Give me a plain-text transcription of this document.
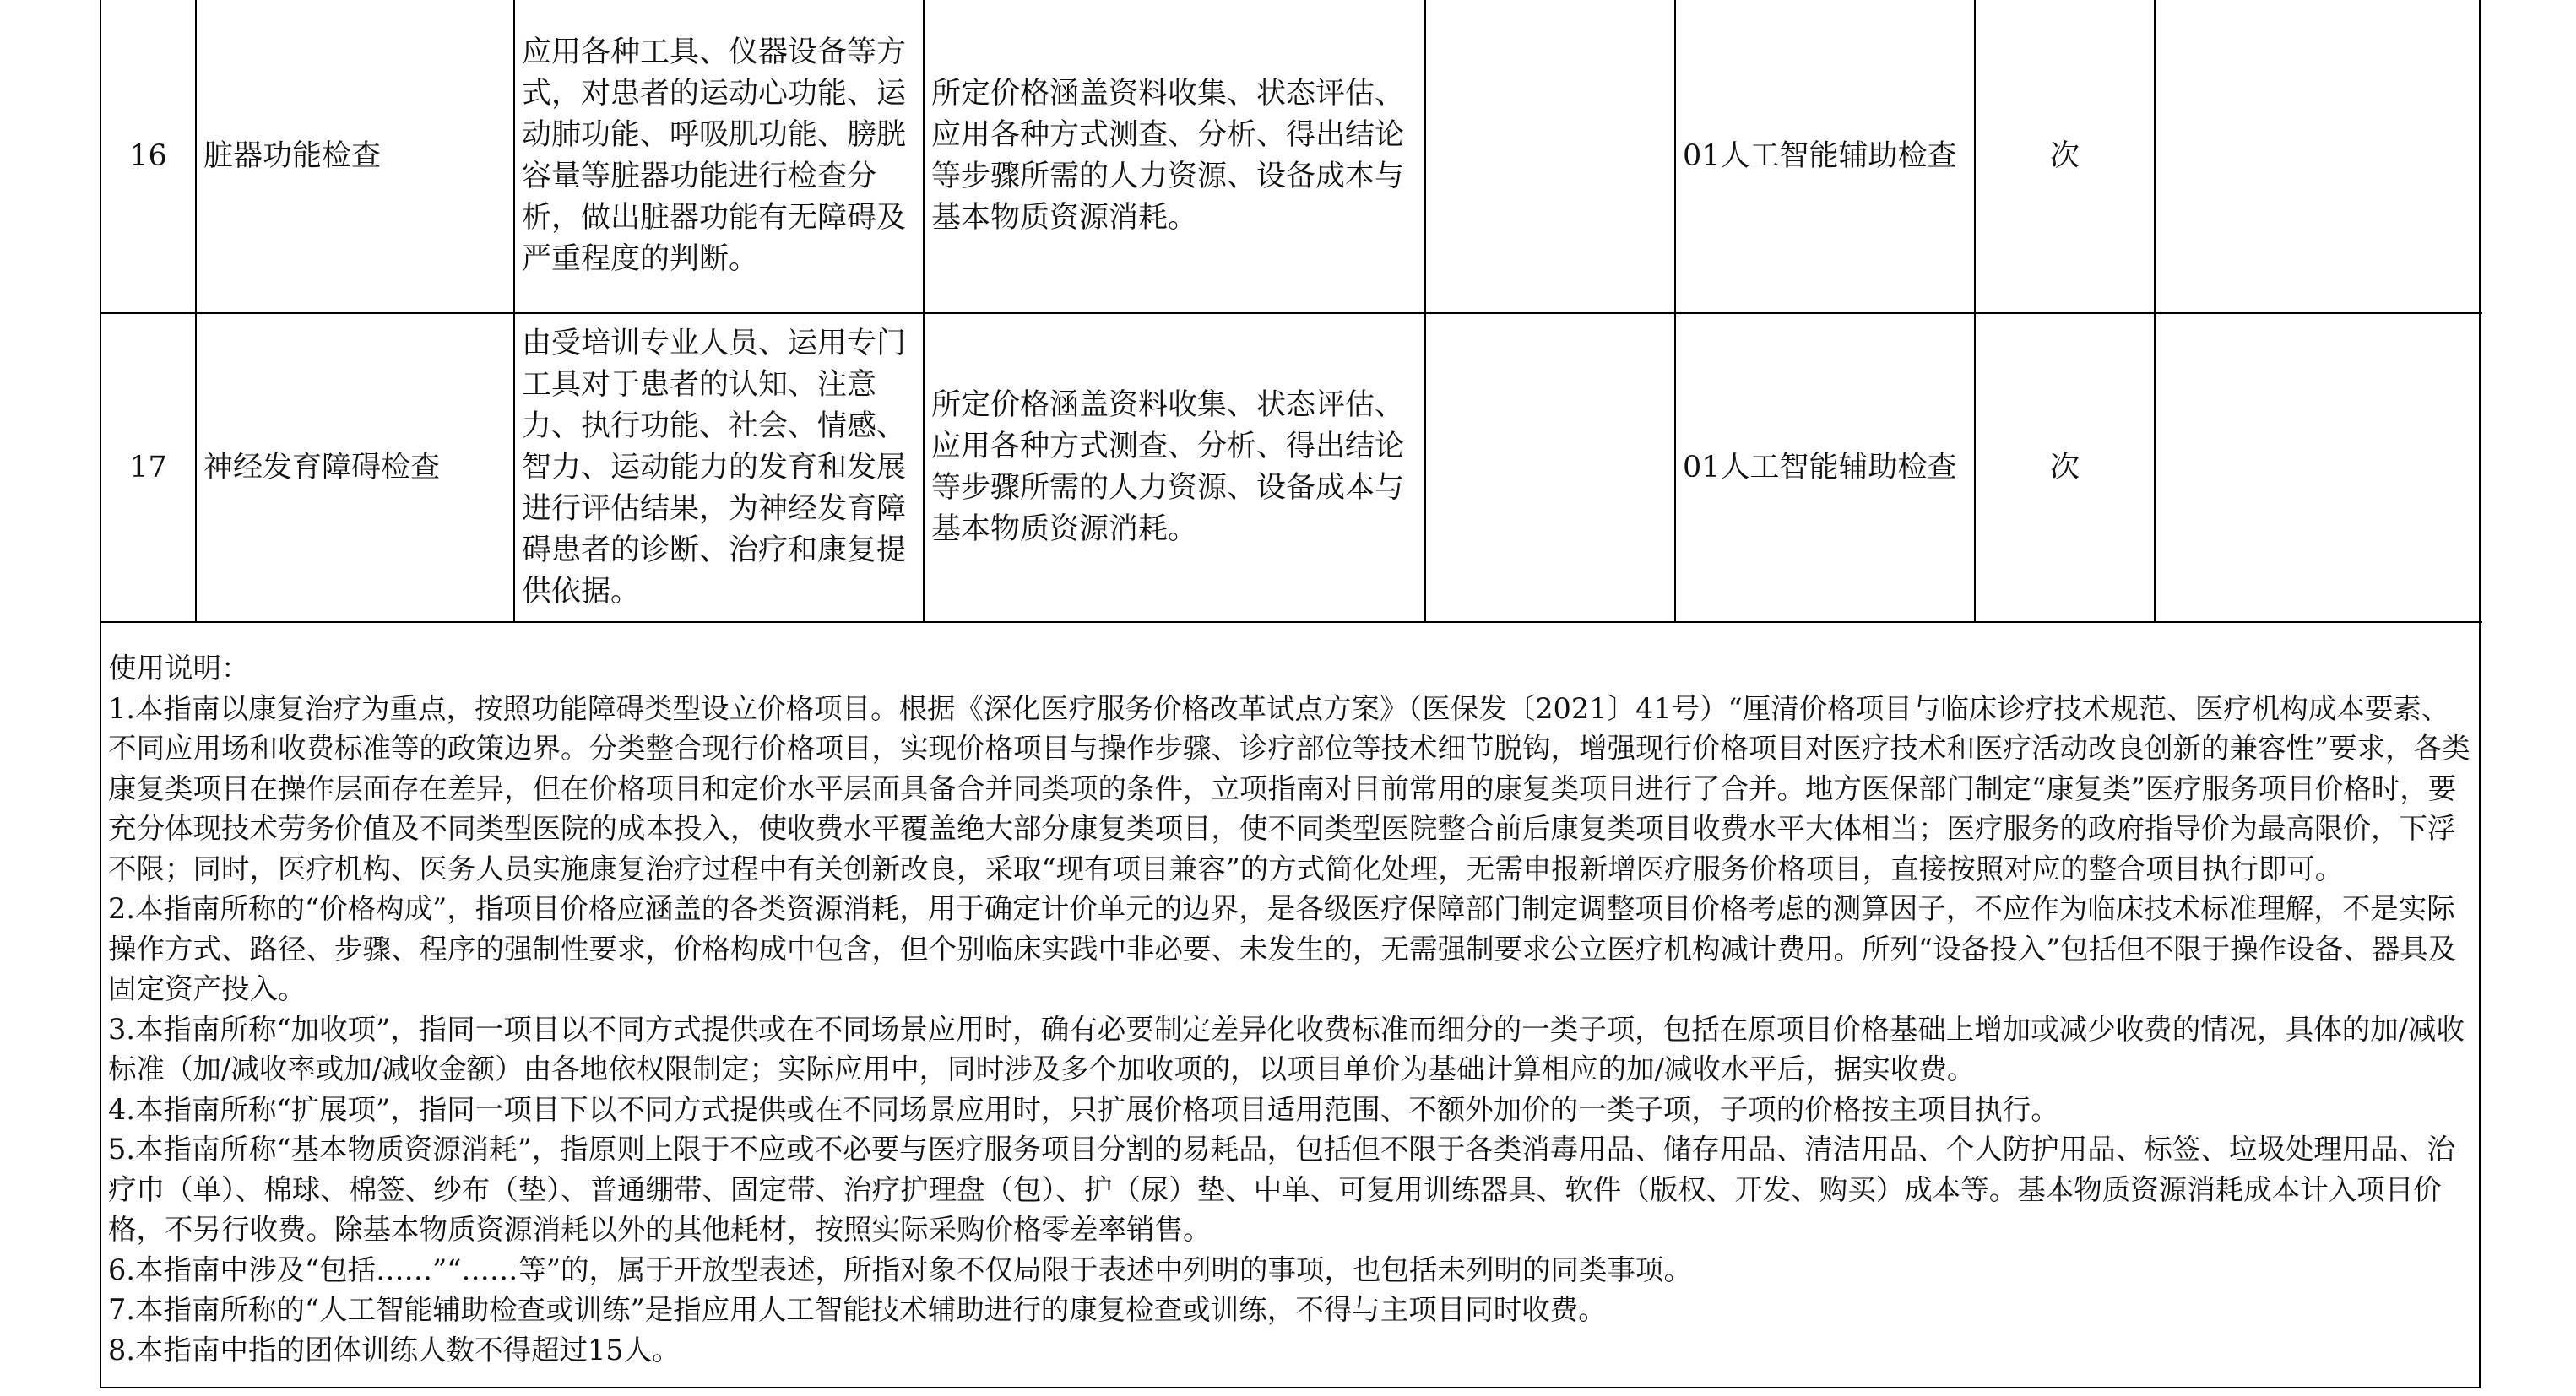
16	脏器功能检查	应用各种工具、仪器设备等方式，对患者的运动心功能、运动肺功能、呼吸肌功能、膀胱容量等脏器功能进行检查分析，做出脏器功能有无障碍及严重程度的判断。	所定价格涵盖资料收集、状态评估、应用各种方式测查、分析、得出结论等步骤所需的人力资源、设备成本与基本物质资源消耗。		01人工智能辅助检查	次	
17	神经发育障碍检查	由受培训专业人员、运用专门工具对于患者的认知、注意力、执行功能、社会、情感、智力、运动能力的发育和发展进行评估结果，为神经发育障碍患者的诊断、治疗和康复提供依据。	所定价格涵盖资料收集、状态评估、应用各种方式测查、分析、得出结论等步骤所需的人力资源、设备成本与基本物质资源消耗。		01人工智能辅助检查	次	
使用说明：
1.本指南以康复治疗为重点，按照功能障碍类型设立价格项目。根据《深化医疗服务价格改革试点方案》（医保发〔2021〕41号）“厘清价格项目与临床诊疗技术规范、医疗机构成本要素、不同应用场和收费标准等的政策边界。分类整合现行价格项目，实现价格项目与操作步骤、诊疗部位等技术细节脱钩，增强现行价格项目对医疗技术和医疗活动改良创新的兼容性”要求，各类康复类项目在操作层面存在差异，但在价格项目和定价水平层面具备合并同类项的条件，立项指南对目前常用的康复类项目进行了合并。地方医保部门制定“康复类”医疗服务项目价格时，要充分体现技术劳务价值及不同类型医院的成本投入，使收费水平覆盖绝大部分康复类项目，使不同类型医院整合前后康复类项目收费水平大体相当；医疗服务的政府指导价为最高限价，下浮不限；同时，医疗机构、医务人员实施康复治疗过程中有关创新改良，采取“现有项目兼容”的方式简化处理，无需申报新增医疗服务价格项目，直接按照对应的整合项目执行即可。
2.本指南所称的“价格构成”，指项目价格应涵盖的各类资源消耗，用于确定计价单元的边界，是各级医疗保障部门制定调整项目价格考虑的测算因子，不应作为临床技术标准理解，不是实际操作方式、路径、步骤、程序的强制性要求，价格构成中包含，但个别临床实践中非必要、未发生的，无需强制要求公立医疗机构减计费用。所列“设备投入”包括但不限于操作设备、器具及固定资产投入。
3.本指南所称“加收项”，指同一项目以不同方式提供或在不同场景应用时，确有必要制定差异化收费标准而细分的一类子项，包括在原项目价格基础上增加或减少收费的情况，具体的加/减收标准（加/减收率或加/减收金额）由各地依权限制定；实际应用中，同时涉及多个加收项的，以项目单价为基础计算相应的加/减收水平后，据实收费。
4.本指南所称“扩展项”，指同一项目下以不同方式提供或在不同场景应用时，只扩展价格项目适用范围、不额外加价的一类子项，子项的价格按主项目执行。
5.本指南所称“基本物质资源消耗”，指原则上限于不应或不必要与医疗服务项目分割的易耗品，包括但不限于各类消毒用品、储存用品、清洁用品、个人防护用品、标签、垃圾处理用品、治疗巾（单）、棉球、棉签、纱布（垫）、普通绷带、固定带、治疗护理盘（包）、护（尿）垫、中单、可复用训练器具、软件（版权、开发、购买）成本等。基本物质资源消耗成本计入项目价格，不另行收费。除基本物质资源消耗以外的其他耗材，按照实际采购价格零差率销售。
6.本指南中涉及“包括……”“……等”的，属于开放型表述，所指对象不仅局限于表述中列明的事项，也包括未列明的同类事项。
7.本指南所称的“人工智能辅助检查或训练”是指应用人工智能技术辅助进行的康复检查或训练，不得与主项目同时收费。
8.本指南中指的团体训练人数不得超过15人。
